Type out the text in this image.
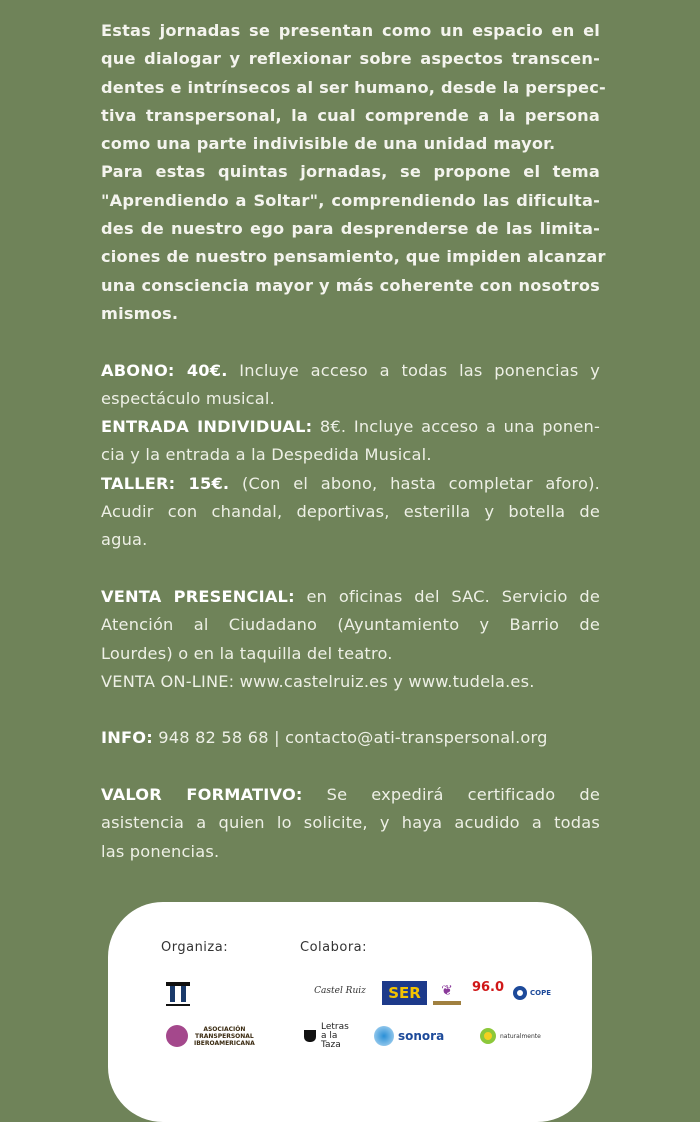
Estas jornadas se presentan como un espacio en el
que dialogar y reflexionar sobre aspectos transcen-
dentes e intrínsecos al ser humano, desde la perspec-
tiva transpersonal, la cual comprende a la persona
como una parte indivisible de una unidad mayor.
Para estas quintas jornadas, se propone el tema
"Aprendiendo a Soltar", comprendiendo las dificulta-
des de nuestro ego para desprenderse de las limita-
ciones de nuestro pensamiento, que impiden alcanzar
una consciencia mayor y más coherente con nosotros
mismos.
ABONO: 40€. Incluye acceso a todas las ponencias y
espectáculo musical.
ENTRADA INDIVIDUAL: 8€. Incluye acceso a una ponen-
cia y la entrada a la Despedida Musical.
TALLER: 15€. (Con el abono, hasta completar aforo).
Acudir con chandal, deportivas, esterilla y botella de
agua.
VENTA PRESENCIAL: en oficinas del SAC. Servicio de
Atención al Ciudadano (Ayuntamiento y Barrio de
Lourdes) o en la taquilla del teatro.
VENTA ON-LINE: www.castelruiz.es y www.tudela.es.
INFO: 948 82 58 68 | contacto@ati-transpersonal.org
VALOR FORMATIVO: Se expedirá certificado de
asistencia a quien lo solicite, y haya acudido a todas
las ponencias.
Organiza:	Colabora:
ASOCIACIÓN
TRANSPERSONAL
IBEROAMERICANA
Castel Ruiz	SER	❦	96.0	COPE
Letras a la Taza
sonora	naturalmente
